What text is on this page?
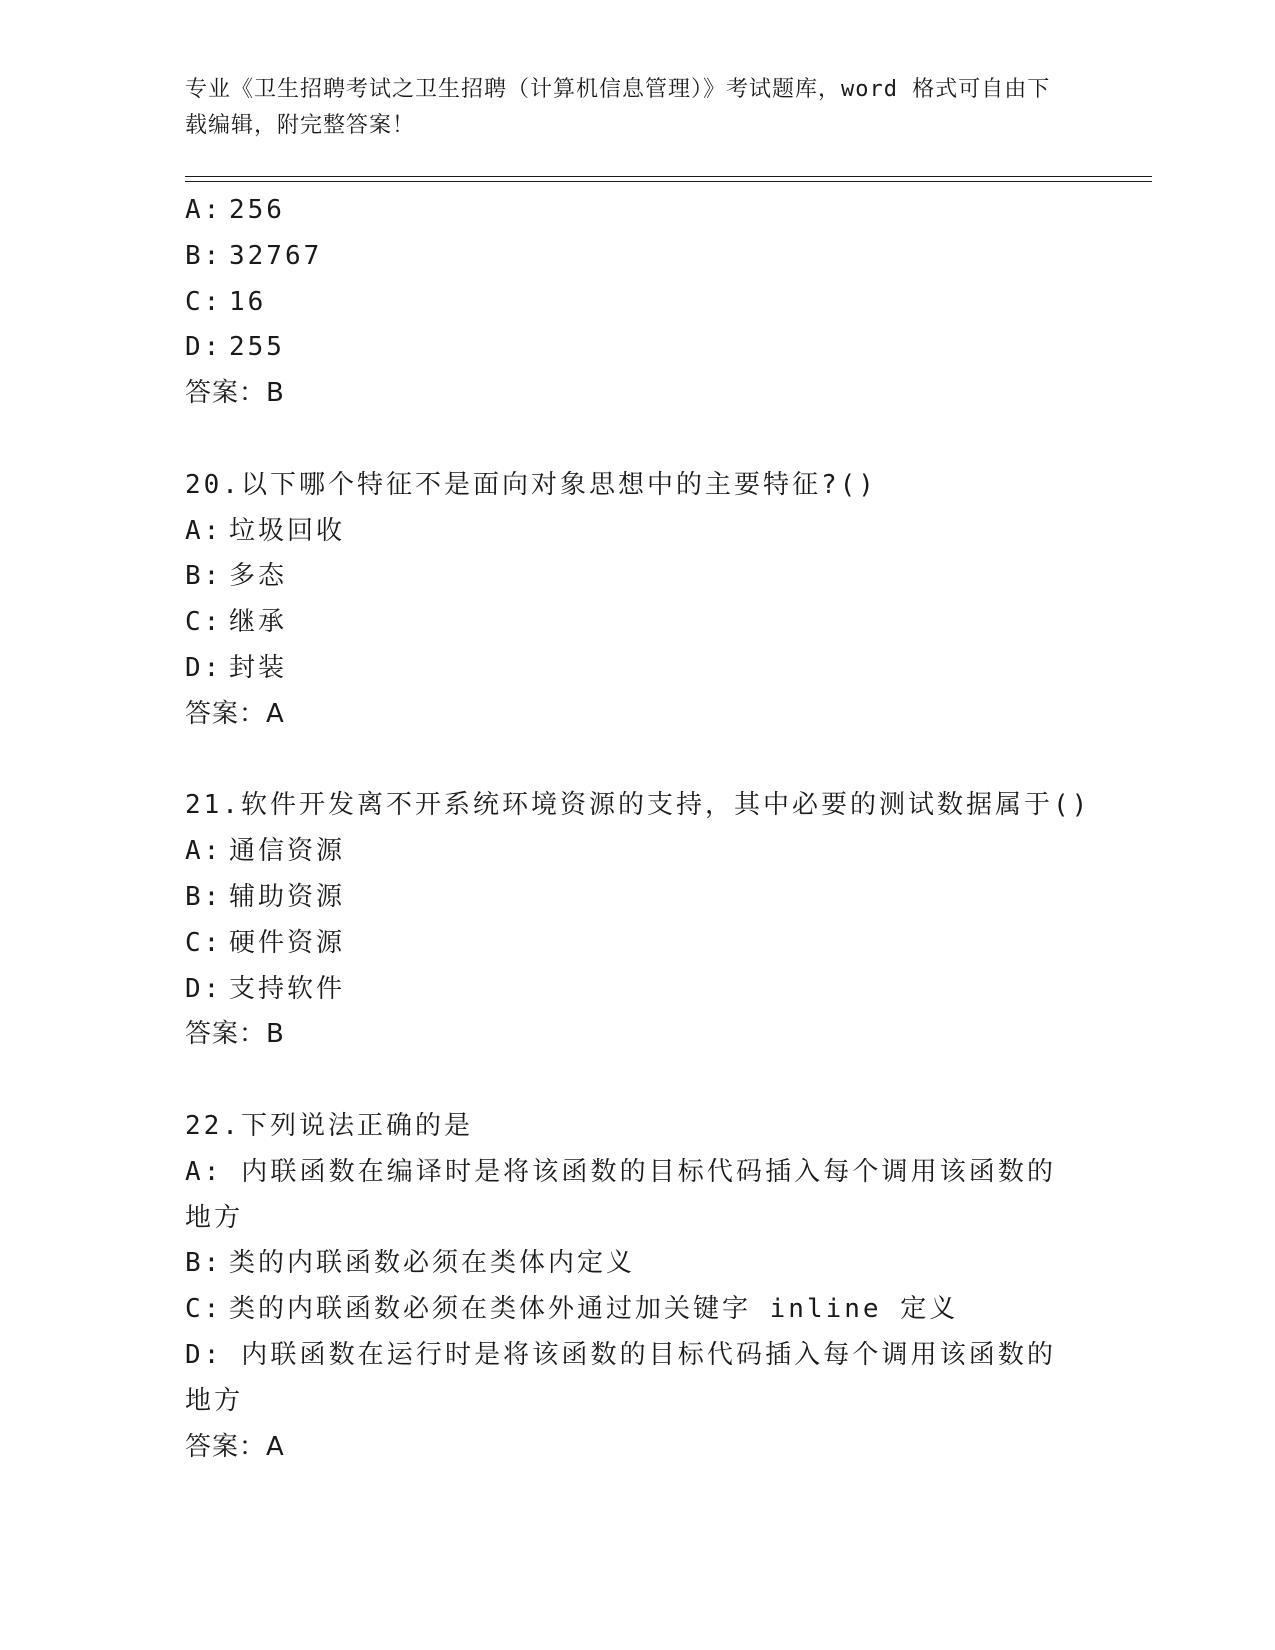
专业《卫生招聘考试之卫生招聘（计算机信息管理）》考试题库，word 格式可自由下载编辑，附完整答案！
A: 256
B: 32767
C: 16
D: 255
答案：B
20.以下哪个特征不是面向对象思想中的主要特征?()
A: 垃圾回收
B: 多态
C: 继承
D: 封装
答案：A
21.软件开发离不开系统环境资源的支持，其中必要的测试数据属于()
A: 通信资源
B: 辅助资源
C: 硬件资源
D: 支持软件
答案：B
22.下列说法正确的是
A: 内联函数在编译时是将该函数的目标代码插入每个调用该函数的地方
B: 类的内联函数必须在类体内定义
C: 类的内联函数必须在类体外通过加关键字 inline 定义
D: 内联函数在运行时是将该函数的目标代码插入每个调用该函数的地方
答案：A
